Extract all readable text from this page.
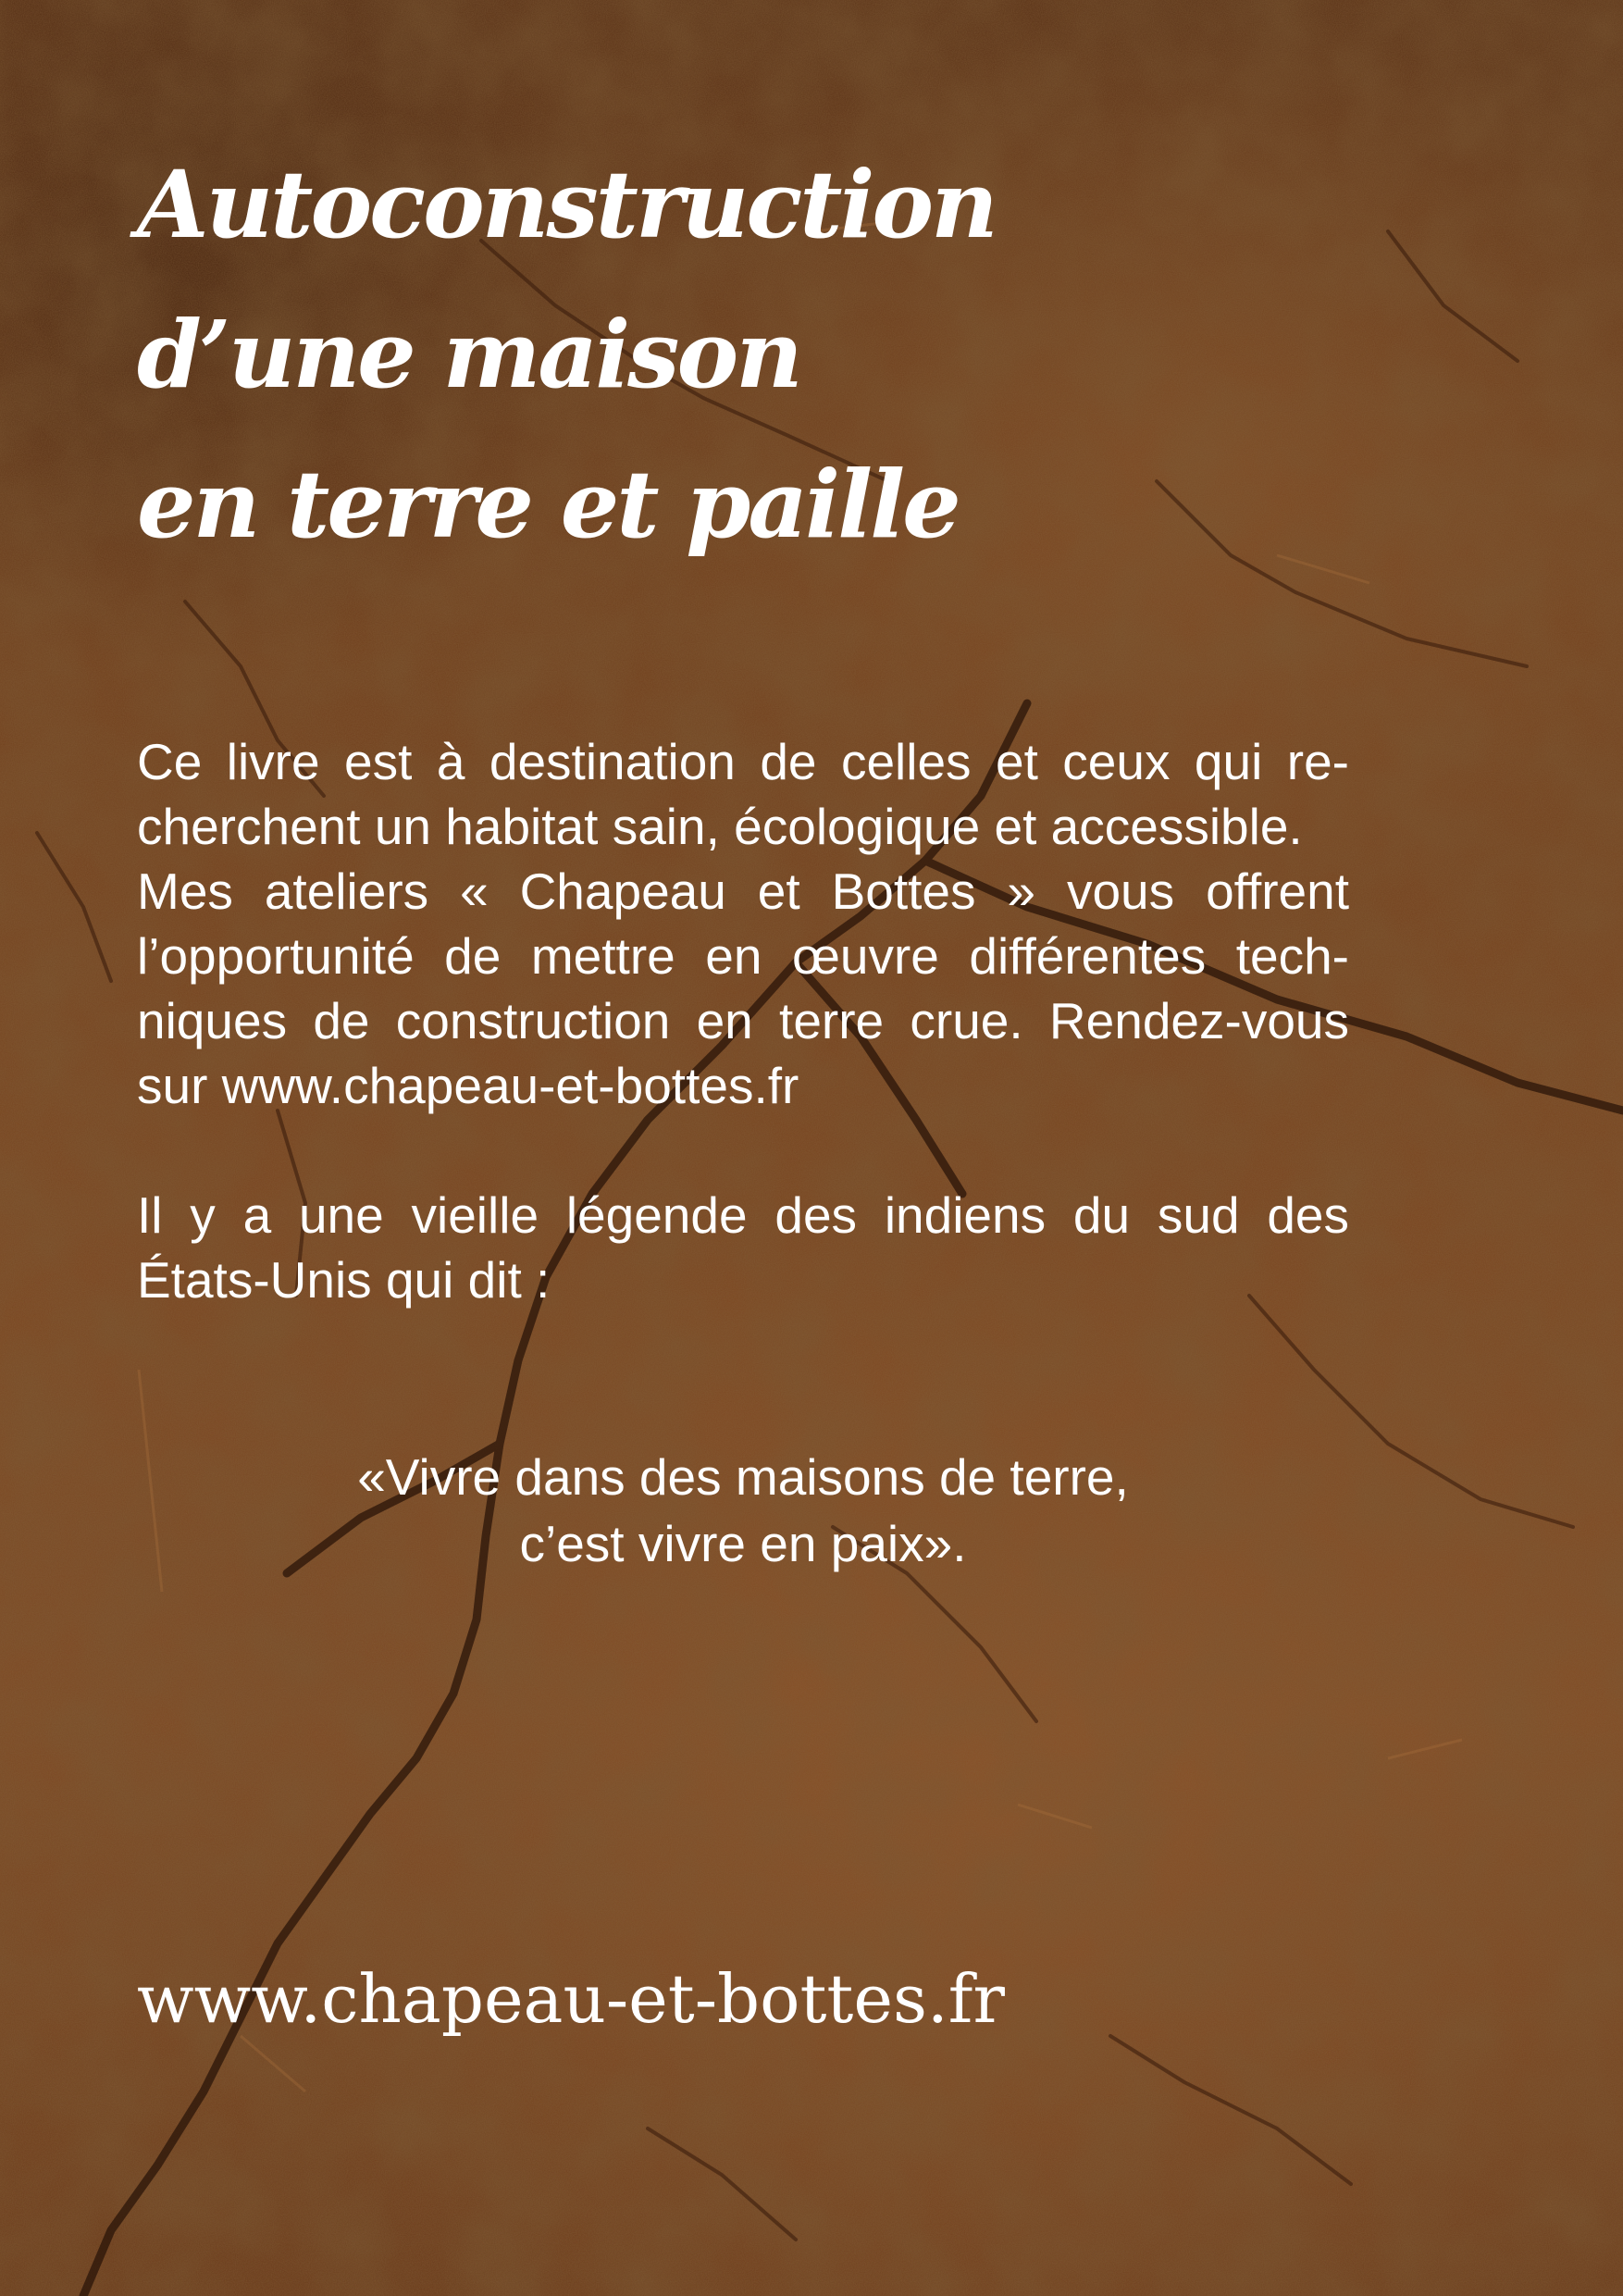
Autoconstruction
d’une maison
en terre et paille

Ce livre est à destination de celles et ceux qui recherchent un habitat sain, écologique et accessible.

Mes ateliers « Chapeau et Bottes » vous offrent l’opportunité de mettre en œuvre différentes techniques de construction en terre crue. Rendez-vous sur www.chapeau-et-bottes.fr

Il y a une vieille légende des indiens du sud des États-Unis qui dit :

«Vivre dans des maisons de terre,
c’est vivre en paix».
www.chapeau-et-bottes.fr
